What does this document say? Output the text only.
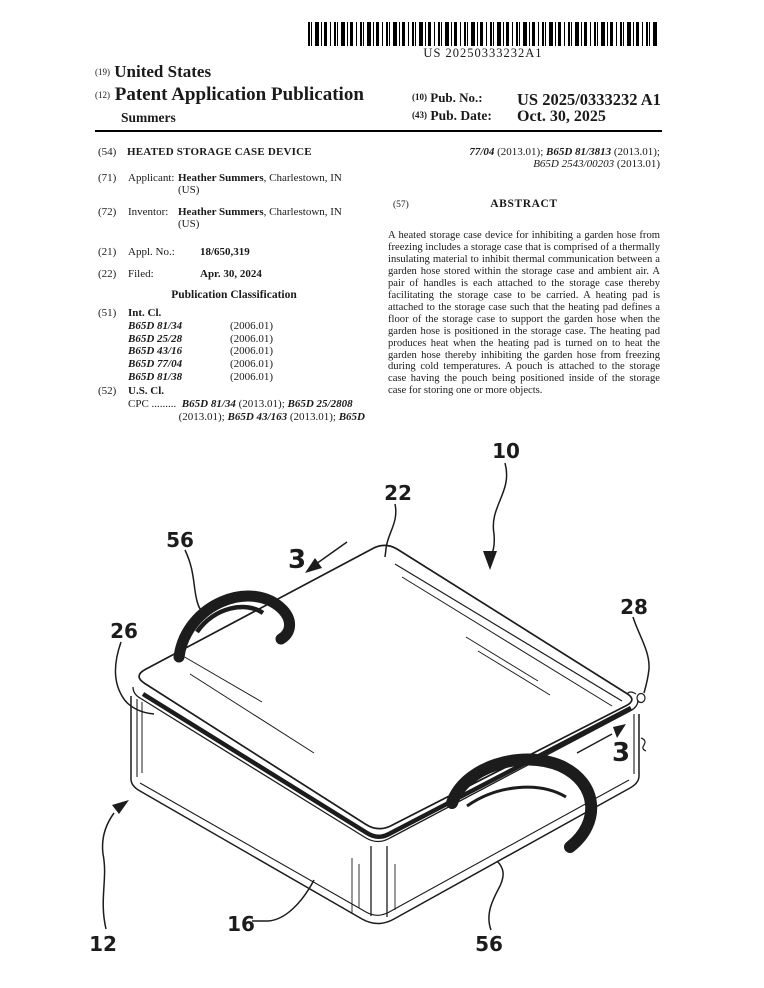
US 20250333232A1
(19) United States
(12) Patent Application Publication
Summers
(10) Pub. No.: US 2025/0333232 A1
(43) Pub. Date: Oct. 30, 2025
(54) HEATED STORAGE CASE DEVICE
(71) Applicant: Heather Summers, Charlestown, IN
(US)
(72) Inventor: Heather Summers, Charlestown, IN
(US)
(21) Appl. No.: 18/650,319
(22) Filed:	Apr. 30, 2024
Publication Classification
(51) Int. Cl.
B65D 81/34	(2006.01)
B65D 25/28	(2006.01)
B65D 43/16	(2006.01)
B65D 77/04	(2006.01)
B65D 81/38	(2006.01)
(52) U.S. Cl.
CPC ......... B65D 81/34 (2013.01); B65D 25/2808
(2013.01); B65D 43/163 (2013.01); B65D
77/04 (2013.01); B65D 81/3813 (2013.01);
B65D 2543/00203 (2013.01)
(57)	ABSTRACT
A heated storage case device for inhibiting a garden hose from freezing includes a storage case that is comprised of a thermally insulating material to inhibit thermal communication between a garden hose stored within the storage case and ambient air. A pair of handles is each attached to the storage case thereby facilitating the storage case to be carried. A heating pad is attached to the storage case such that the heating pad defines a floor of the storage case to support the garden hose when the garden hose is positioned in the storage case. The heating pad produces heat when the heating pad is turned on to heat the garden hose thereby inhibiting the garden hose from freezing during cold temperatures. A pouch is attached to the storage case having the pouch being positioned inside of the storage case for storing one or more objects.
10
22
3
56
26
28
3
12
16
56
